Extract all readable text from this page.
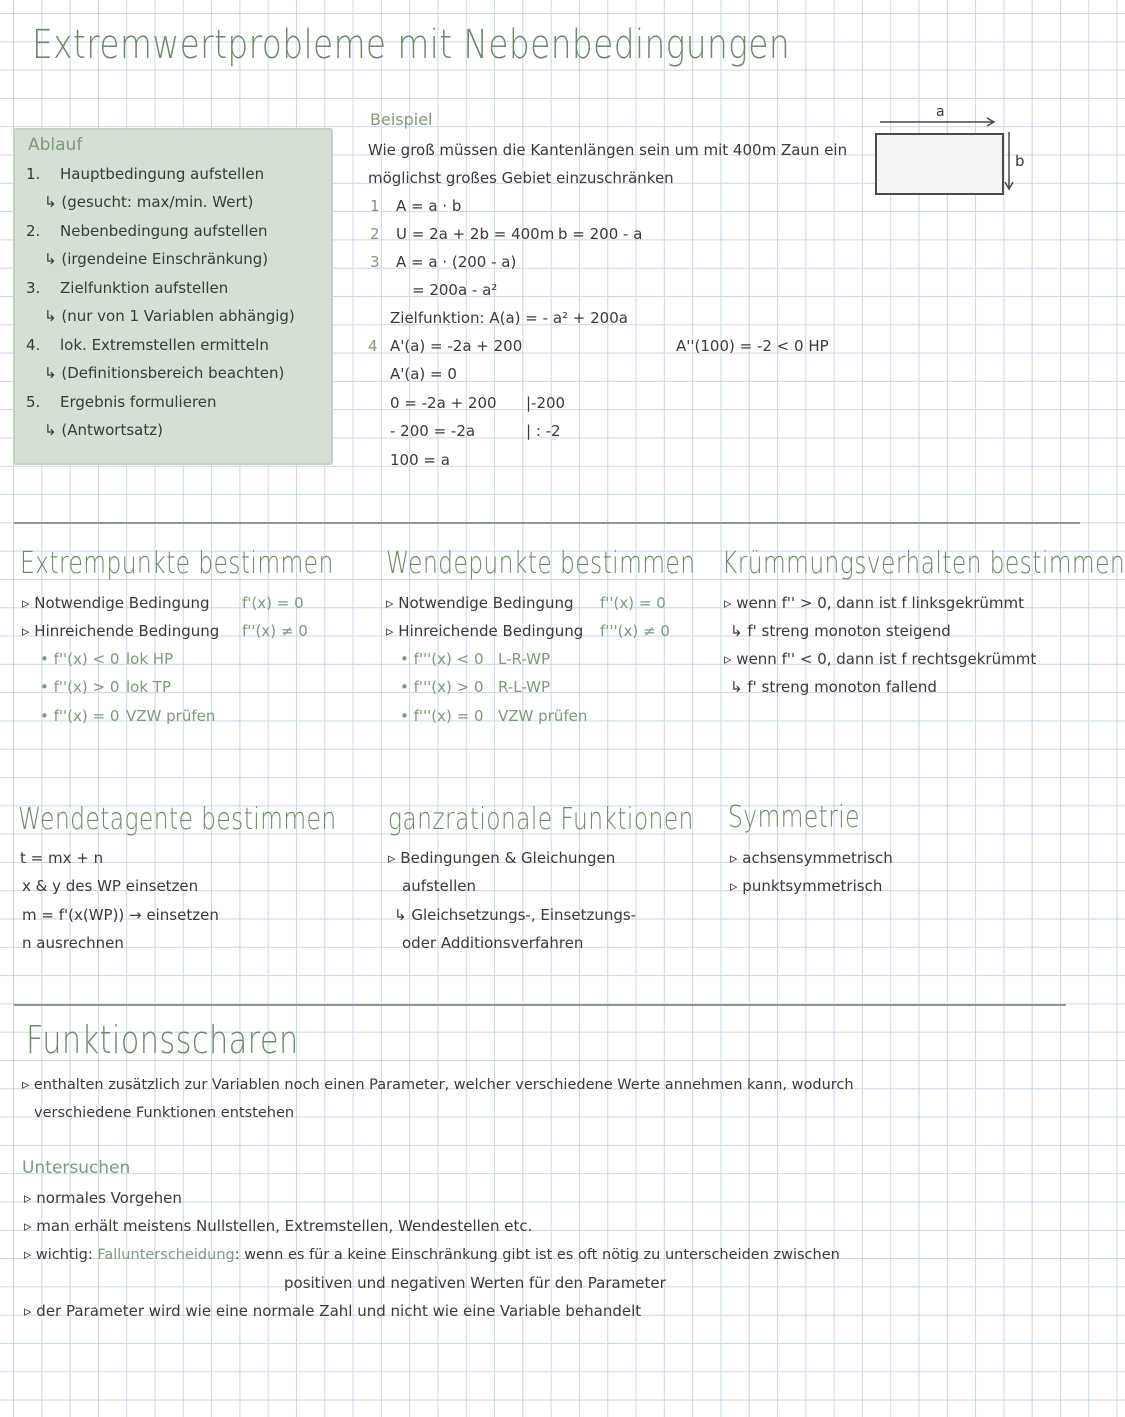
Extremwertprobleme mit Nebenbedingungen
Ablauf
1. Hauptbedingung aufstellen
↳ (gesucht: max/min. Wert)
2. Nebenbedingung aufstellen
↳ (irgendeine Einschränkung)
3. Zielfunktion aufstellen
↳ (nur von 1 Variablen abhängig)
4. lok. Extremstellen ermitteln
↳ (Definitionsbereich beachten)
5. Ergebnis formulieren
↳ (Antwortsatz)
Beispiel
Wie groß müssen die Kantenlängen sein um mit 400m Zaun ein
möglichst großes Gebiet einzuschränken
1 A = a · b
2 U = 2a + 2b = 400m b = 200 - a
3 A = a · (200 - a)
= 200a - a²
Zielfunktion: A(a) = - a² + 200a
4 A'(a) = -2a + 200	A''(100) = -2 < 0 HP
A'(a) = 0
0 = -2a + 200 |-200
- 200 = -2a	| : -2
100 = a
a
b
Extrempunkte bestimmen
▹ Notwendige Bedingung f'(x) = 0
▹ Hinreichende Bedingung f''(x) ≠ 0
• f''(x) < 0 lok HP
• f''(x) > 0 lok TP
• f''(x) = 0 VZW prüfen
Wendepunkte bestimmen
▹ Notwendige Bedingung f''(x) = 0
▹ Hinreichende Bedingung f'''(x) ≠ 0
• f'''(x) < 0 L-R-WP
• f'''(x) > 0 R-L-WP
• f'''(x) = 0 VZW prüfen
Krümmungsverhalten bestimmen
▹ wenn f'' > 0, dann ist f linksgekrümmt
↳ f' streng monoton steigend
▹ wenn f'' < 0, dann ist f rechtsgekrümmt
↳ f' streng monoton fallend
Wendetagente bestimmen
t = mx + n
x & y des WP einsetzen
m = f'(x(WP)) → einsetzen
n ausrechnen
ganzrationale Funktionen
▹ Bedingungen & Gleichungen
aufstellen
↳ Gleichsetzungs-, Einsetzungs-
oder Additionsverfahren
Symmetrie
▹ achsensymmetrisch
▹ punktsymmetrisch
Funktionsscharen
▹ enthalten zusätzlich zur Variablen noch einen Parameter, welcher verschiedene Werte annehmen kann, wodurch
verschiedene Funktionen entstehen
Untersuchen
▹ normales Vorgehen
▹ man erhält meistens Nullstellen, Extremstellen, Wendestellen etc.
▹ wichtig: Fallunterscheidung: wenn es für a keine Einschränkung gibt ist es oft nötig zu unterscheiden zwischen
positiven und negativen Werten für den Parameter
▹ der Parameter wird wie eine normale Zahl und nicht wie eine Variable behandelt
